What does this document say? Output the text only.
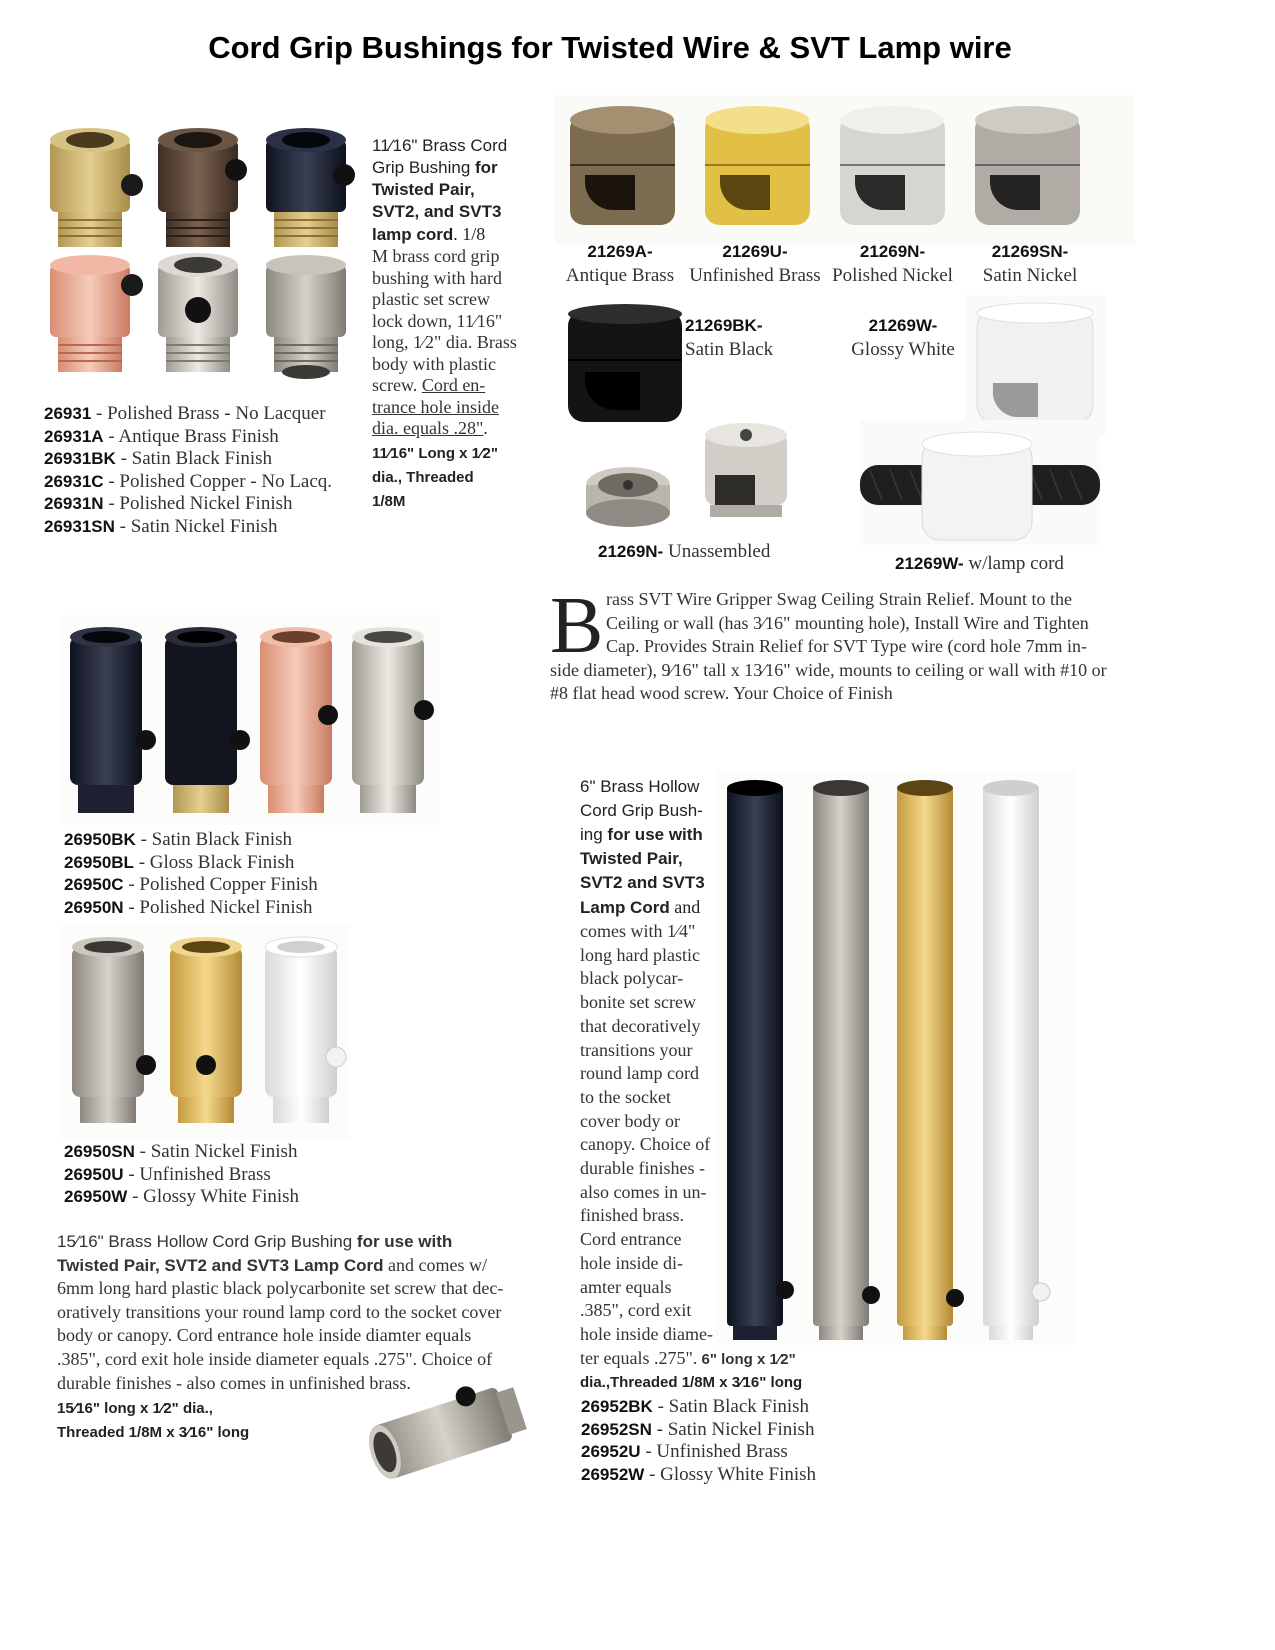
Cord Grip Bushings for Twisted Wire & SVT Lamp wire
11⁄16" Brass Cord
Grip Bushing for
Twisted Pair,
SVT2, and SVT3
lamp cord. 1/8
M brass cord grip
bushing with hard
plastic set screw
lock down, 11⁄16"
long, 1⁄2" dia. Brass
body with plastic
screw. Cord en-
trance hole inside
dia. equals .28".
11⁄16" Long x 1⁄2"
dia., Threaded
1/8M
26931 - Polished Brass - No Lacquer
26931A - Antique Brass Finish
26931BK - Satin Black Finish
26931C - Polished Copper - No Lacq.
26931N - Polished Nickel Finish
26931SN - Satin Nickel Finish
21269A-
Antique Brass
21269U-
Unfinished Brass
21269N-
Polished Nickel
21269SN-
Satin Nickel
21269BK-
Satin Black
21269W-
Glossy White
21269N- Unassembled
21269W- w/lamp cord
B rass SVT Wire Gripper Swag Ceiling Strain Relief. Mount to the
Ceiling or wall (has 3⁄16" mounting hole), Install Wire and Tighten
Cap. Provides Strain Relief for SVT Type wire (cord hole 7mm in-
side diameter), 9⁄16" tall x 13⁄16" wide, mounts to ceiling or wall with #10 or
#8 flat head wood screw. Your Choice of Finish
26950BK - Satin Black Finish
26950BL - Gloss Black Finish
26950C - Polished Copper Finish
26950N - Polished Nickel Finish
26950SN - Satin Nickel Finish
26950U - Unfinished Brass
26950W - Glossy White Finish
15⁄16" Brass Hollow Cord Grip Bushing for use with
Twisted Pair, SVT2 and SVT3 Lamp Cord and comes w/
6mm long hard plastic black polycarbonite set screw that dec-
oratively transitions your round lamp cord to the socket cover
body or canopy. Cord entrance hole inside diamter equals
.385", cord exit hole inside diameter equals .275". Choice of
durable finishes - also comes in unfinished brass.
15⁄16" long x 1⁄2" dia.,
Threaded 1/8M x 3⁄16" long
6" Brass Hollow
Cord Grip Bush-
ing for use with
Twisted Pair,
SVT2 and SVT3
Lamp Cord and
comes with 1⁄4"
long hard plastic
black polycar-
bonite set screw
that decoratively
transitions your
round lamp cord
to the socket
cover body or
canopy. Choice of
durable finishes -
also comes in un-
finished brass.
Cord entrance
hole inside di-
amter equals
.385", cord exit
hole inside diame-
ter equals .275". 6" long x 1⁄2"
dia.,Threaded 1/8M x 3⁄16" long
26952BK - Satin Black Finish
26952SN - Satin Nickel Finish
26952U - Unfinished Brass
26952W - Glossy White Finish
